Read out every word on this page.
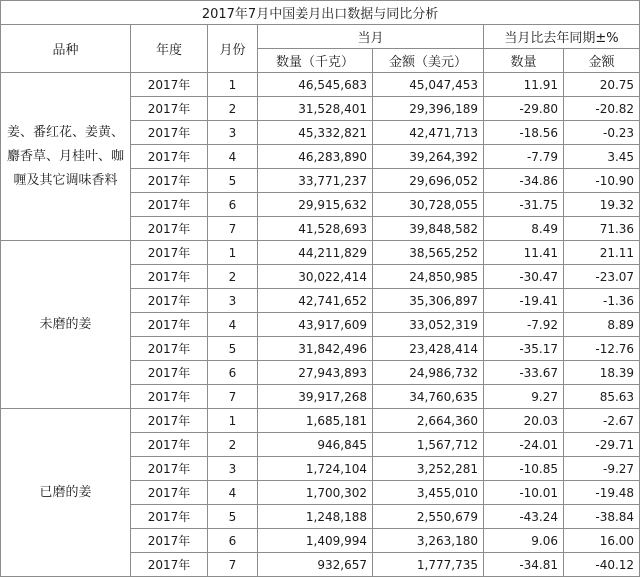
2017年7月中国姜月出口数据与同比分析						
品种	年度	月份	当月		当月比去年同期±%	
			数量（千克）	金额（美元）	数量	金额
姜、番红花、姜黄、麝香草、月桂叶、咖喱及其它调味香料	2017年	1	46,545,683	45,047,453	11.91	20.75
	2017年	2	31,528,401	29,396,189	-29.80	-20.82
	2017年	3	45,332,821	42,471,713	-18.56	-0.23
	2017年	4	46,283,890	39,264,392	-7.79	3.45
	2017年	5	33,771,237	29,696,052	-34.86	-10.90
	2017年	6	29,915,632	30,728,055	-31.75	19.32
	2017年	7	41,528,693	39,848,582	8.49	71.36
未磨的姜	2017年	1	44,211,829	38,565,252	11.41	21.11
	2017年	2	30,022,414	24,850,985	-30.47	-23.07
	2017年	3	42,741,652	35,306,897	-19.41	-1.36
	2017年	4	43,917,609	33,052,319	-7.92	8.89
	2017年	5	31,842,496	23,428,414	-35.17	-12.76
	2017年	6	27,943,893	24,986,732	-33.67	18.39
	2017年	7	39,917,268	34,760,635	9.27	85.63
已磨的姜	2017年	1	1,685,181	2,664,360	20.03	-2.67
	2017年	2	946,845	1,567,712	-24.01	-29.71
	2017年	3	1,724,104	3,252,281	-10.85	-9.27
	2017年	4	1,700,302	3,455,010	-10.01	-19.48
	2017年	5	1,248,188	2,550,679	-43.24	-38.84
	2017年	6	1,409,994	3,263,180	9.06	16.00
	2017年	7	932,657	1,777,735	-34.81	-40.12
